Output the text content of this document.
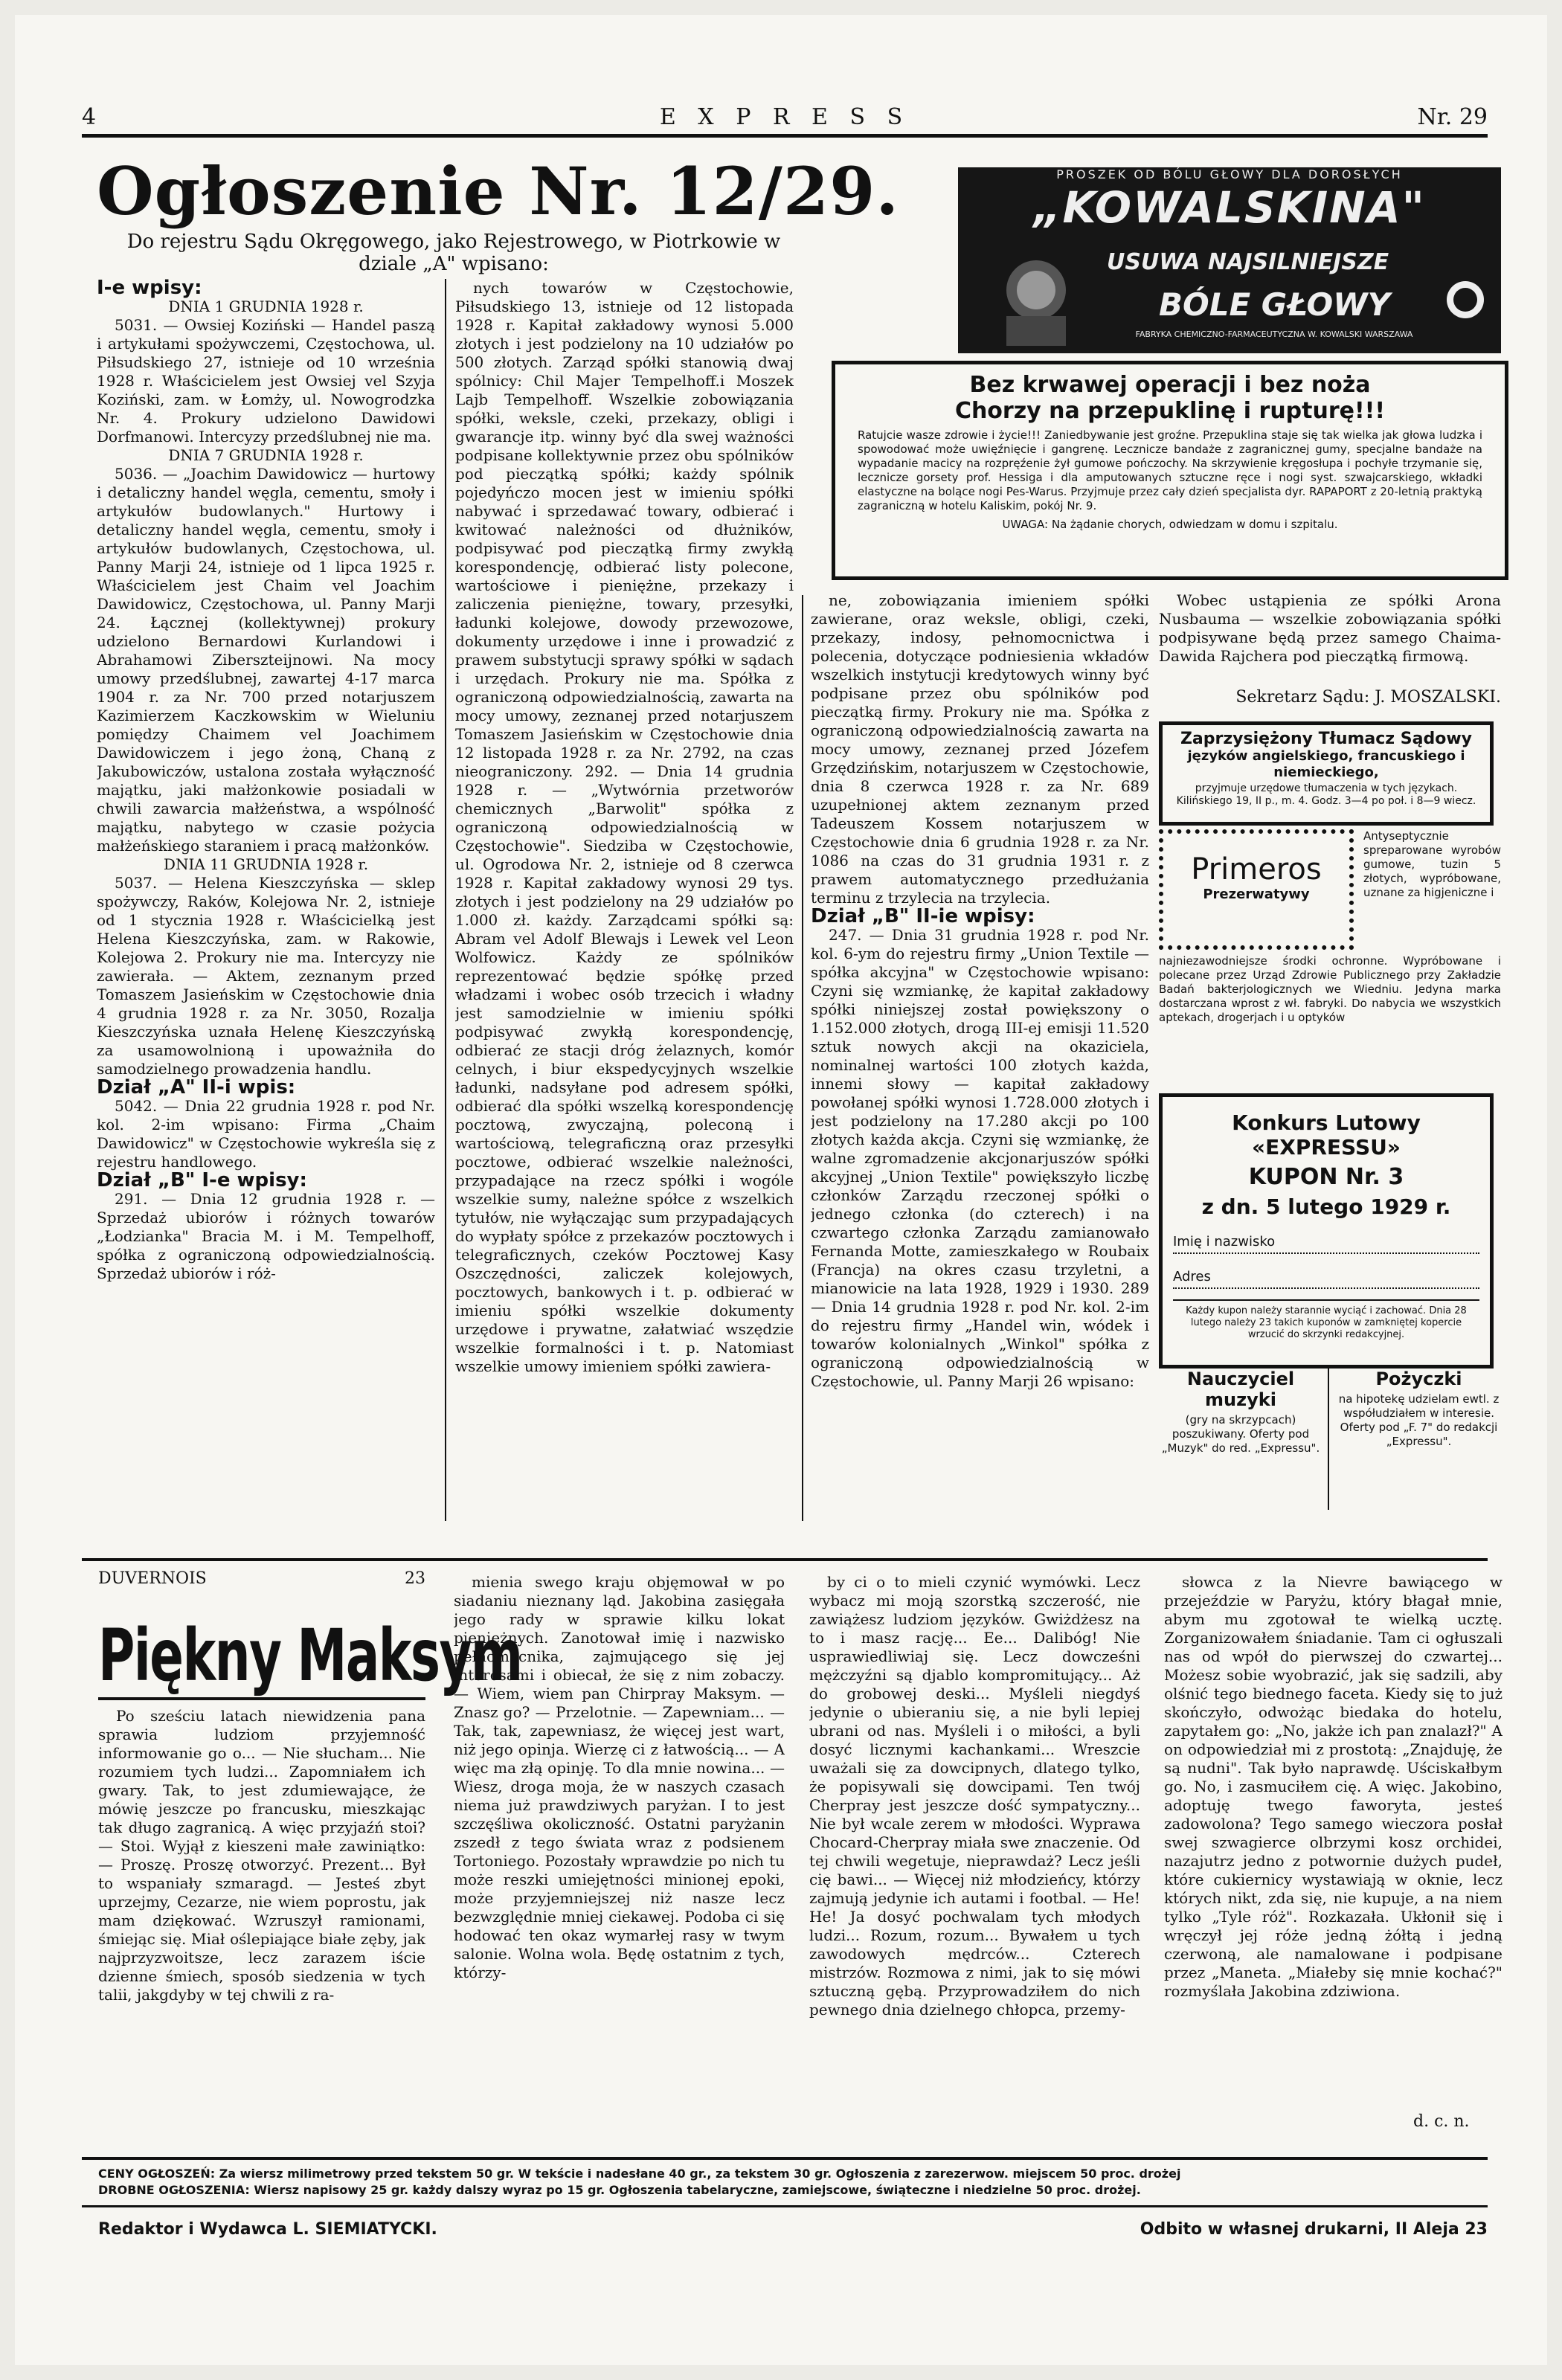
4	E X P R E S S	Nr. 29
Ogłoszenie Nr. 12/29.
Do rejestru Sądu Okręgowego, jako Rejestrowego, w Piotrkowie w dziale „A" wpisano:

I-e wpisy:

DNIA 1 GRUDNIA 1928 r.

5031. — Owsiej Koziński — Handel paszą i artykułami spożywczemi, Częstochowa, ul. Piłsudskiego 27, istnieje od 10 września 1928 r. Właścicielem jest Owsiej vel Szyja Koziński, zam. w Łomży, ul. Nowogrodzka Nr. 4. Prokury udzielono Dawidowi Dorfmanowi. Intercyzy przedślubnej nie ma.

DNIA 7 GRUDNIA 1928 r.

5036. — „Joachim Dawidowicz — hurtowy i detaliczny handel węgla, cementu, smoły i artykułów budowlanych." Hurtowy i detaliczny handel węgla, cementu, smoły i artykułów budowlanych, Częstochowa, ul. Panny Marji 24, istnieje od 1 lipca 1925 r. Właścicielem jest Chaim vel Joachim Dawidowicz, Częstochowa, ul. Panny Marji 24. Łącznej (kollektywnej) prokury udzielono Bernardowi Kurlandowi i Abrahamowi Ziberszteijnowi. Na mocy umowy przedślubnej, zawartej 4-17 marca 1904 r. za Nr. 700 przed notarjuszem Kazimierzem Kaczkowskim w Wieluniu pomiędzy Chaimem vel Joachimem Dawidowiczem i jego żoną, Chaną z Jakubowiczów, ustalona została wyłączność majątku, jaki małżonkowie posiadali w chwili zawarcia małżeństwa, a wspólność majątku, nabytego w czasie pożycia małżeńskiego staraniem i pracą małżonków.

DNIA 11 GRUDNIA 1928 r.

5037. — Helena Kieszczyńska — sklep spożywczy, Raków, Kolejowa Nr. 2, istnieje od 1 stycznia 1928 r. Właścicielką jest Helena Kieszczyńska, zam. w Rakowie, Kolejowa 2. Prokury nie ma. Intercyzy nie zawierała. — Aktem, zeznanym przed Tomaszem Jasieńskim w Częstochowie dnia 4 grudnia 1928 r. za Nr. 3050, Rozalja Kieszczyńska uznała Helenę Kieszczyńską za usamowolnioną i upoważniła do samodzielnego prowadzenia handlu.

Dział „A" II-i wpis:

5042. — Dnia 22 grudnia 1928 r. pod Nr. kol. 2-im wpisano: Firma „Chaim Dawidowicz" w Częstochowie wykreśla się z rejestru handlowego.

Dział „B" I-e wpisy:

291. — Dnia 12 grudnia 1928 r. — Sprzedaż ubiorów i różnych towarów „Łodzianka" Bracia M. i M. Tempelhoff, spółka z ograniczoną odpowiedzialnością. Sprzedaż ubiorów i róż-

nych towarów w Częstochowie, Piłsudskiego 13, istnieje od 12 listopada 1928 r. Kapitał zakładowy wynosi 5.000 złotych i jest podzielony na 10 udziałów po 500 złotych. Zarząd spółki stanowią dwaj spólnicy: Chil Majer Tempelhoff.i Moszek Lajb Tempelhoff. Wszelkie zobowiązania spółki, weksle, czeki, przekazy, obligi i gwarancje itp. winny być dla swej ważności podpisane kollektywnie przez obu spólników pod pieczątką spółki; każdy spólnik pojedyńczo mocen jest w imieniu spółki nabywać i sprzedawać towary, odbierać i kwitować należności od dłużników, podpisywać pod pieczątką firmy zwykłą korespondencję, odbierać listy polecone, wartościowe i pieniężne, przekazy i zaliczenia pieniężne, towary, przesyłki, ładunki kolejowe, dowody przewozowe, dokumenty urzędowe i inne i prowadzić z prawem substytucji sprawy spółki w sądach i urzędach. Prokury nie ma. Spółka z ograniczoną odpowiedzialnością, zawarta na mocy umowy, zeznanej przed notarjuszem Tomaszem Jasieńskim w Częstochowie dnia 12 listopada 1928 r. za Nr. 2792, na czas nieograniczony. 292. — Dnia 14 grudnia 1928 r. — „Wytwórnia przetworów chemicznych „Barwolit" spółka z ograniczoną odpowiedzialnością w Częstochowie". Siedziba w Częstochowie, ul. Ogrodowa Nr. 2, istnieje od 8 czerwca 1928 r. Kapitał zakładowy wynosi 29 tys. złotych i jest podzielony na 29 udziałów po 1.000 zł. każdy. Zarządcami spółki są: Abram vel Adolf Blewajs i Lewek vel Leon Wolfowicz. Każdy ze spólników reprezentować będzie spółkę przed władzami i wobec osób trzecich i władny jest samodzielnie w imieniu spółki podpisywać zwykłą korespondencję, odbierać ze stacji dróg żelaznych, komór celnych, i biur ekspedycyjnych wszelkie ładunki, nadsyłane pod adresem spółki, odbierać dla spółki wszelką korespondencję pocztową, zwyczajną, poleconą i wartościową, telegraficzną oraz przesyłki pocztowe, odbierać wszelkie należności, przypadające na rzecz spółki i wogóle wszelkie sumy, należne spółce z wszelkich tytułów, nie wyłączając sum przypadających do wypłaty spółce z przekazów pocztowych i telegraficznych, czeków Pocztowej Kasy Oszczędności, zaliczek kolejowych, pocztowych, bankowych i t. p. odbierać w imieniu spółki wszelkie dokumenty urzędowe i prywatne, załatwiać wszędzie wszelkie formalności i t. p. Natomiast wszelkie umowy imieniem spółki zawiera-

ne, zobowiązania imieniem spółki zawierane, oraz weksle, obligi, czeki, przekazy, indosy, pełnomocnictwa i polecenia, dotyczące podniesienia wkładów wszelkich instytucji kredytowych winny być podpisane przez obu spólników pod pieczątką firmy. Prokury nie ma. Spółka z ograniczoną odpowiedzialnością zawarta na mocy umowy, zeznanej przed Józefem Grzędzińskim, notarjuszem w Częstochowie, dnia 8 czerwca 1928 r. za Nr. 689 uzupełnionej aktem zeznanym przed Tadeuszem Kossem notarjuszem w Częstochowie dnia 6 grudnia 1928 r. za Nr. 1086 na czas do 31 grudnia 1931 r. z prawem automatycznego przedłużania terminu z trzylecia na trzylecia.

Dział „B" II-ie wpisy:

247. — Dnia 31 grudnia 1928 r. pod Nr. kol. 6-ym do rejestru firmy „Union Textile — spółka akcyjna" w Częstochowie wpisano: Czyni się wzmiankę, że kapitał zakładowy spółki niniejszej został powiększony o 1.152.000 złotych, drogą III-ej emisji 11.520 sztuk nowych akcji na okaziciela, nominalnej wartości 100 złotych każda, innemi słowy — kapitał zakładowy powołanej spółki wynosi 1.728.000 złotych i jest podzielony na 17.280 akcji po 100 złotych każda akcja. Czyni się wzmiankę, że walne zgromadzenie akcjonarjuszów spółki akcyjnej „Union Textile" powiększyło liczbę członków Zarządu rzeczonej spółki o jednego członka (do czterech) i na czwartego członka Zarządu zamianowało Fernanda Motte, zamieszkałego w Roubaix (Francja) na okres czasu trzyletni, a mianowicie na lata 1928, 1929 i 1930. 289 — Dnia 14 grudnia 1928 r. pod Nr. kol. 2-im do rejestru firmy „Handel win, wódek i towarów kolonialnych „Winkol" spółka z ograniczoną odpowiedzialnością w Częstochowie, ul. Panny Marji 26 wpisano:

Wobec ustąpienia ze spółki Arona Nusbauma — wszelkie zobowiązania spółki podpisywane będą przez samego Chaima-Dawida Rajchera pod pieczątką firmową.

Sekretarz Sądu: J. MOSZALSKI.
PROSZEK OD BÓLU GŁOWY DLA DOROSŁYCH
„KOWALSKINA"
USUWA NAJSILNIEJSZE
BÓLE GŁOWY
FABRYKA CHEMICZNO-FARMACEUTYCZNA W. KOWALSKI WARSZAWA
Bez krwawej operacji i bez noża
Chorzy na przepuklinę i rupturę!!!
Ratujcie wasze zdrowie i życie!!! Zaniedbywanie jest groźne. Przepuklina staje się tak wielka jak głowa ludzka i spowodować może uwięźnięcie i gangrenę. Lecznicze bandaże z zagranicznej gumy, specjalne bandaże na wypadanie macicy na rozpręźenie żył gumowe pończochy. Na skrzywienie kręgosłupa i pochyłe trzymanie się, lecznicze gorsety prof. Hessiga i dla amputowanych sztuczne ręce i nogi syst. szwajcarskiego, wkładki elastyczne na bolące nogi Pes-Warus. Przyjmuje przez cały dzień specjalista dyr. RAPAPORT z 20-letnią praktyką zagraniczną w hotelu Kaliskim, pokój Nr. 9.
UWAGA: Na żądanie chorych, odwiedzam w domu i szpitalu.
Zaprzysiężony Tłumacz Sądowy
języków angielskiego, francuskiego i niemieckiego,
przyjmuje urzędowe tłumaczenia w tych językach. Kilińskiego 19, II p., m. 4. Godz. 3—4 po poł. i 8—9 wiecz.
Primeros
Prezerwatywy
Antyseptycznie spreparowane wyrobów gumowe, tuzin 5 złotych, wypróbowane, uznane za higjeniczne i
najniezawodniejsze środki ochronne. Wypróbowane i polecane przez Urząd Zdrowie Publicznego przy Zakładzie Badań bakterjologicznych we Wiedniu. Jedyna marka dostarczana wprost z wł. fabryki. Do nabycia we wszystkich aptekach, drogerjach i u optyków
Konkurs Lutowy «EXPRESSU»
KUPON Nr. 3
z dn. 5 lutego 1929 r.
Imię i nazwisko
Adres
Każdy kupon należy starannie wyciąć i zachować. Dnia 28 lutego należy 23 takich kuponów w zamkniętej kopercie wrzucić do skrzynki redakcyjnej.
Nauczyciel muzyki
(gry na skrzypcach) poszukiwany. Oferty pod „Muzyk" do red. „Expressu".
Pożyczki
na hipotekę udzielam ewtl. z współudziałem w interesie. Oferty pod „F. 7" do redakcji „Expressu".
DUVERNOIS	23
Piękny Maksym

Po sześciu latach niewidzenia pana sprawia ludziom przyjemność informowanie go o... — Nie słucham... Nie rozumiem tych ludzi... Zapomniałem ich gwary. Tak, to jest zdumiewające, że mówię jeszcze po francusku, mieszkając tak długo zagranicą. A więc przyjaźń stoi? — Stoi. Wyjął z kieszeni małe zawiniątko: — Proszę. Proszę otworzyć. Prezent... Był to wspaniały szmaragd. — Jesteś zbyt uprzejmy, Cezarze, nie wiem poprostu, jak mam dziękować. Wzruszył ramionami, śmiejąc się. Miał oślepiające białe zęby, jak najprzyzwoitsze, lecz zarazem iście dzienne śmiech, sposób siedzenia w tych talii, jakgdyby w tej chwili z ra-

mienia swego kraju objęmował w po siadaniu nieznany ląd. Jakobina zasięgała jego rady w sprawie kilku lokat pieniężnych. Zanotował imię i nazwisko pełnomocnika, zajmującego się jej interesami i obiecał, że się z nim zobaczy. — Wiem, wiem pan Chirpray Maksym. — Znasz go? — Przelotnie. — Zapewniam... — Tak, tak, zapewniasz, że więcej jest wart, niż jego opinja. Wierzę ci z łatwością... — A więc ma złą opinję. To dla mnie nowina... — Wiesz, droga moja, że w naszych czasach niema już prawdziwych paryżan. I to jest szczęśliwa okoliczność. Ostatni paryżanin zszedł z tego świata wraz z podsienem Tortoniego. Pozostały wprawdzie po nich tu może reszki umiejętności minionej epoki, może przyjemniejszej niż nasze lecz bezwzględnie mniej ciekawej. Podoba ci się hodować ten okaz wymarłej rasy w twym salonie. Wolna wola. Będę ostatnim z tych, którzy-

by ci o to mieli czynić wymówki. Lecz wybacz mi moją szorstką szczerość, nie zawiążesz ludziom języków. Gwiżdżesz na to i masz rację... Ee... Dalibóg! Nie usprawiedliwiaj się. Lecz dowcześni mężczyźni są djablo kompromitujący... Aż do grobowej deski... Myśleli niegdyś jedynie o ubieraniu się, a nie byli lepiej ubrani od nas. Myśleli i o miłości, a byli dosyć licznymi kachankami... Wreszcie uważali się za dowcipnych, dlatego tylko, że popisywali się dowcipami. Ten twój Cherpray jest jeszcze dość sympatyczny... Nie był wcale zerem w młodości. Wyprawa Chocard-Cherpray miała swe znaczenie. Od tej chwili wegetuje, nieprawdaż? Lecz jeśli cię bawi... — Więcej niż młodzieńcy, którzy zajmują jedynie ich autami i footbal. — He! He! Ja dosyć pochwalam tych młodych ludzi... Rozum, rozum... Bywałem u tych zawodowych mędrców... Czterech mistrzów. Rozmowa z nimi, jak to się mówi sztuczną gębą. Przyprowadziłem do nich pewnego dnia dzielnego chłopca, przemy-

słowca z la Nievre bawiącego w przejeździe w Paryżu, który błagał mnie, abym mu zgotował te wielką ucztę. Zorganizowałem śniadanie. Tam ci ogłuszali nas od wpół do pierwszej do czwartej... Możesz sobie wyobrazić, jak się sadzili, aby olśnić tego biednego faceta. Kiedy się to już skończyło, odwożąc biedaka do hotelu, zapytałem go: „No, jakże ich pan znalazł?" A on odpowiedział mi z prostotą: „Znajduję, że są nudni". Tak było naprawdę. Uściskałbym go. No, i zasmuciłem cię. A więc. Jakobino, adoptuję twego faworyta, jesteś zadowolona? Tego samego wieczora posłał swej szwagierce olbrzymi kosz orchidei, nazajutrz jedno z potwornie dużych pudeł, które cukiernicy wystawiają w oknie, lecz których nikt, zda się, nie kupuje, a na niem tylko „Tyle róż". Rozkazała. Ukłonił się i wręczył jej róże jedną żółtą i jedną czerwoną, ale namalowane i podpisane przez „Maneta. „Miałeby się mnie kochać?" rozmyślała Jakobina zdziwiona.

d. c. n.
CENY OGŁOSZEŃ: Za wiersz milimetrowy przed tekstem 50 gr. W tekście i nadesłane 40 gr., za tekstem 30 gr. Ogłoszenia z zarezerwow. miejscem 50 proc. drożej
DROBNE OGŁOSZENIA: Wiersz napisowy 25 gr. każdy dalszy wyraz po 15 gr. Ogłoszenia tabelaryczne, zamiejscowe, świąteczne i niedzielne 50 proc. drożej.
Redaktor i Wydawca L. SIEMIATYCKI.	Odbito w własnej drukarni, II Aleja 23
